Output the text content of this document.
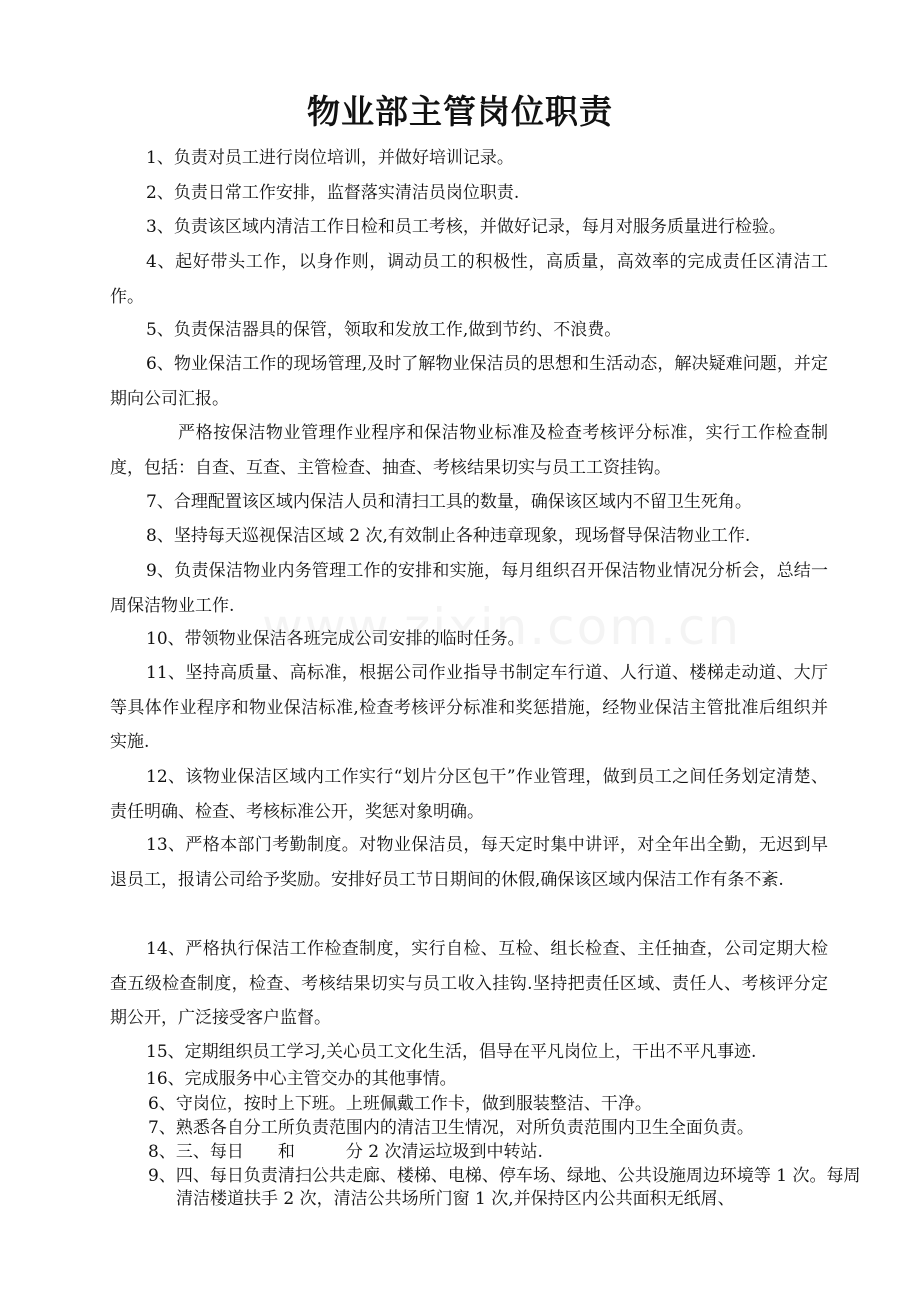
物业部主管岗位职责

1、负责对员工进行岗位培训，并做好培训记录。

2、负责日常工作安排，监督落实清洁员岗位职责.

3、负责该区域内清洁工作日检和员工考核，并做好记录，每月对服务质量进行检验。

4、起好带头工作，以身作则，调动员工的积极性，高质量，高效率的完成责任区清洁工作。

5、负责保洁器具的保管，领取和发放工作,做到节约、不浪费。

6、物业保洁工作的现场管理,及时了解物业保洁员的思想和生活动态，解决疑难问题，并定期向公司汇报。

严格按保洁物业管理作业程序和保洁物业标准及检查考核评分标准，实行工作检查制度，包括：自查、互查、主管检查、抽查、考核结果切实与员工工资挂钩。

7、合理配置该区域内保洁人员和清扫工具的数量，确保该区域内不留卫生死角。

8、坚持每天巡视保洁区域 2 次,有效制止各种违章现象，现场督导保洁物业工作.

9、负责保洁物业内务管理工作的安排和实施，每月组织召开保洁物业情况分析会，总结一周保洁物业工作.

10、带领物业保洁各班完成公司安排的临时任务。

11、坚持高质量、高标准，根据公司作业指导书制定车行道、人行道、楼梯走动道、大厅等具体作业程序和物业保洁标准,检查考核评分标准和奖惩措施，经物业保洁主管批准后组织并实施.

12、该物业保洁区域内工作实行“划片分区包干”作业管理，做到员工之间任务划定清楚、责任明确、检查、考核标准公开，奖惩对象明确。

13、严格本部门考勤制度。对物业保洁员，每天定时集中讲评，对全年出全勤，无迟到早退员工，报请公司给予奖励。安排好员工节日期间的休假,确保该区域内保洁工作有条不紊.

14、严格执行保洁工作检查制度，实行自检、互检、组长检查、主任抽查，公司定期大检查五级检查制度，检查、考核结果切实与员工收入挂钩.坚持把责任区域、责任人、考核评分定期公开，广泛接受客户监督。

15、定期组织员工学习,关心员工文化生活，倡导在平凡岗位上，干出不平凡事迹.

16、完成服务中心主管交办的其他事情。

6、守岗位，按时上下班。上班佩戴工作卡，做到服装整洁、干净。

7、熟悉各自分工所负责范围内的清洁卫生情况，对所负责范围内卫生全面负责。

8、三、每日　　和　　　分 2 次清运垃圾到中转站.

9、四、每日负责清扫公共走廊、楼梯、电梯、停车场、绿地、公共设施周边环境等 1 次。每周清洁楼道扶手 2 次，清洁公共场所门窗 1 次,并保持区内公共面积无纸屑、
